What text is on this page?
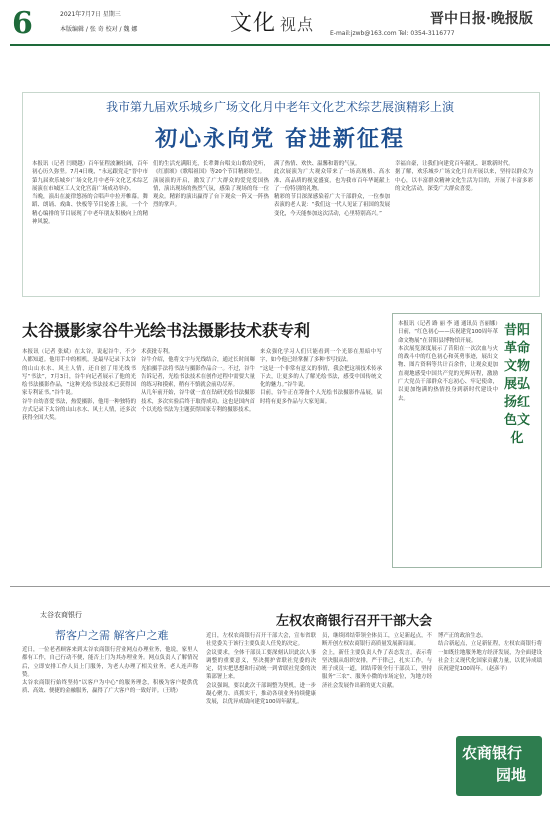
6	2021年7月7日 星期三
本版编辑 / 张 奇 校对 / 魏 娜	文化 视点	晋中日报·晚报版
E-mail:jzwb@163.com Tel: 0354-3116777
我市第九届欢乐城乡广场文化月中老年文化艺术综艺展演精彩上演
初心永向党 奋进新征程
本报讯（记者 闫晓越）百年征程波澜壮阔，百年初心历久弥坚。7月4日晚，“永远跟党走”晋中市第九届欢乐城乡广场文化月中老年文化艺术综艺展演在市城区工人文化宫南广场成功举办。
当晚，演出在旋律悠扬的合唱声中拉开帷幕。舞蹈、朗诵、戏曲、快板等节目轮番上演，一个个精心编排的节目展现了中老年朋友积极向上的精神风貌。
们的生活充满阳光，长辈舞台唱支山歌给党听，《红旗颂》《歌唱祖国》等20个节目精彩纷呈。
演展演的开启，激发了广大群众的爱党爱国热情，演出现场的热烈气氛，感染了现场的每一位观众。精彩的演出赢得了台下观众一阵又一阵热烈的掌声。
满了热情、欢快、温馨和谐的气氛。
此次展演为广大观众带来了一场高规格、高水准、高品质的视觉盛宴，也为我市百年华诞献上了一份特别的礼物。
精彩的节目深深感染着广大干部群众，一位参加表演的老人说：“我们这一代人见证了祖国的发展变化，今天能参加这次活动，心里特别高兴。”
幸福自豪，让我们向建党百年献礼、讴歌新时代。
据了解，欢乐城乡广场文化月自开展以来，坚持以群众为中心，以丰富群众精神文化生活为目的，开展了丰富多彩的文化活动，深受广大群众喜爱。
太谷摄影家谷牛光绘书法摄影技术获专利
本报讯（记者 张斌）在太谷，说起谷牛，不少人都知道。他用手中的相机，是最早记录下太谷的山山水水、风土人情，还自创了用光线书写“书法”，7月3日，谷牛向记者展示了他的光绘书法摄影作品，“这种光绘书法技术已获得国家专利证书。”谷牛说。
谷牛自幼喜爱书法，热爱摄影，他用一种独特的方式记录下太谷的山山水水、风土人情，还多次获得全国大奖。
术获批专利。
谷牛介绍，他将文字与光线结合，通过长时间曝光拍摄手法将书法与摄影作品合一。不过，谷牛告诉记者，光绘书法技术在创作过程中需要大量的练习和摸索，稍有不慎就会前功尽弃。
从几年前开始，谷牛就一直在钻研光绘书法摄影技术，多次实验后终于取得成功。这也是国内首个以光绘书法为主题获得国家专利的摄影技术。
来众强化学习人们只能看到一个光影在黑暗中写字，如今他已经掌握了多种书写技法。
“这是一个非常有意义的事情，我会把这项技术传承下去，让更多的人了解光绘书法，感受中国传统文化的魅力。”谷牛说。
目前，谷牛正在筹备个人光绘书法摄影作品展，届时将有更多作品与大家见面。
昔阳革命文物展弘扬红色文化
本报讯（记者 路 丽 李 通 通讯员 吾丽娜）日前，“红色初心——庆祝建党100周年革命文物展”在昔阳县博物馆开展。
本次展览深度展示了昔阳在一次次血与火的战斗中的红色初心和英勇事迹，展出文物、图片资料等共计百余件，让观众更加直观地感受中国共产党的光辉历程，激励广大党员干部群众不忘初心、牢记使命，以更加饱满的热情投身到新时代建设中去。
太谷农商银行
帮客户之需 解客户之难
左权农商银行召开干部大会
近日，一位老者顾客来到太谷农商银行营业网点办理业务，他说，家里人都有工作，自己行动不便，能否上门为其办理业务。网点负责人了解情况后，立即安排工作人员上门服务，为老人办理了相关业务，老人连声称赞。
太谷农商银行始终坚持“以客户为中心”的服务理念，积极为客户提供优质、高效、便捷的金融服务，赢得了广大客户的一致好评。（王晓）
近日，左权农商银行召开干部大会，宣布省联社党委关于该行主要负责人任免的决定。
会议要求，全体干部员工要深刻认识此次人事调整的重要意义，坚决拥护省联社党委的决定，切实把思想和行动统一到省联社党委的决策部署上来。
会议强调，要以此次干部调整为契机，进一步凝心聚力、真抓实干，推动各项业务持续健康发展，以优异成绩向建党100周年献礼。
员，继续团结带领全体员工，立足新起点，不断开创左权农商银行高质量发展新局面。
会上，新任主要负责人作了表态发言，表示将坚决服从组织安排，严于律己，扎实工作，与班子成员一道，团结带领全行干部员工，坚持服务“三农”、服务小微的市场定位，为地方经济社会发展作出新的更大贡献。
博产正的政治生态。
结合新起点，立足新征程，左权农商银行将一如既往地服务地方经济发展，为全面建设社会主义现代化国家贡献力量，以优异成绩庆祝建党100周年。（赵彦平）
农商银行
园地
